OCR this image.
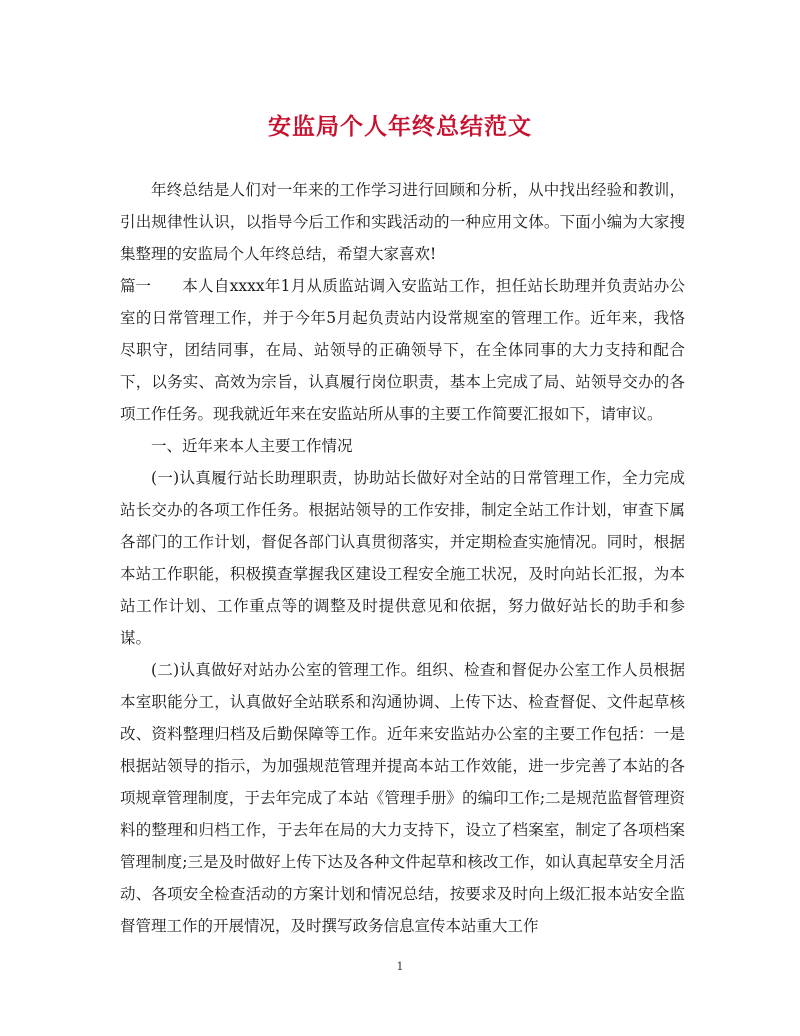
安监局个人年终总结范文

年终总结是人们对一年来的工作学习进行回顾和分析，从中找出经验和教训，引出规律性认识，以指导今后工作和实践活动的一种应用文体。下面小编为大家搜集整理的安监局个人年终总结，希望大家喜欢!

篇一 本人自xxxx年1月从质监站调入安监站工作，担任站长助理并负责站办公室的日常管理工作，并于今年5月起负责站内设常规室的管理工作。近年来，我恪尽职守，团结同事，在局、站领导的正确领导下，在全体同事的大力支持和配合下，以务实、高效为宗旨，认真履行岗位职责，基本上完成了局、站领导交办的各项工作任务。现我就近年来在安监站所从事的主要工作简要汇报如下，请审议。

一、近年来本人主要工作情况

(一)认真履行站长助理职责，协助站长做好对全站的日常管理工作，全力完成站长交办的各项工作任务。根据站领导的工作安排，制定全站工作计划，审查下属各部门的工作计划，督促各部门认真贯彻落实，并定期检查实施情况。同时，根据本站工作职能，积极摸查掌握我区建设工程安全施工状况，及时向站长汇报，为本站工作计划、工作重点等的调整及时提供意见和依据，努力做好站长的助手和参谋。

(二)认真做好对站办公室的管理工作。组织、检查和督促办公室工作人员根据本室职能分工，认真做好全站联系和沟通协调、上传下达、检查督促、文件起草核改、资料整理归档及后勤保障等工作。近年来安监站办公室的主要工作包括：一是根据站领导的指示，为加强规范管理并提高本站工作效能，进一步完善了本站的各项规章管理制度，于去年完成了本站《管理手册》的编印工作;二是规范监督管理资料的整理和归档工作，于去年在局的大力支持下，设立了档案室，制定了各项档案管理制度;三是及时做好上传下达及各种文件起草和核改工作，如认真起草安全月活动、各项安全检查活动的方案计划和情况总结，按要求及时向上级汇报本站安全监督管理工作的开展情况，及时撰写政务信息宣传本站重大工作

1
